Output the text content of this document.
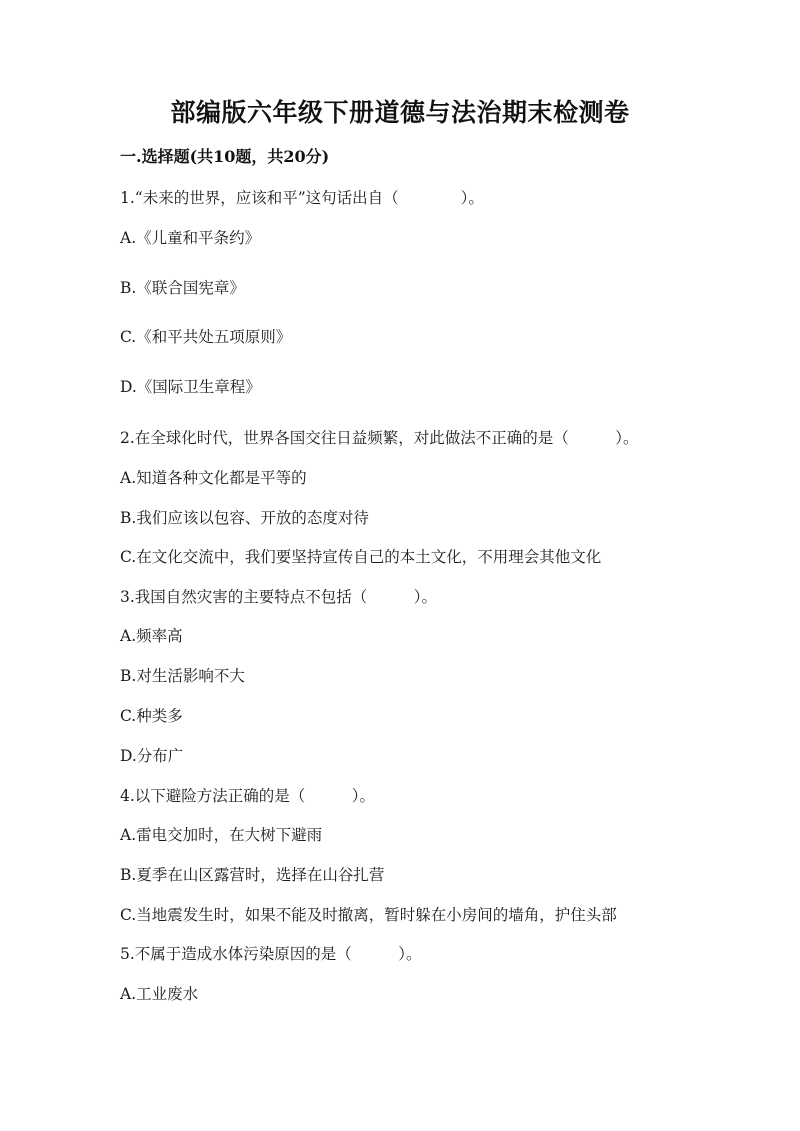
部编版六年级下册道德与法治期末检测卷
一.选择题(共10题，共20分)
1.“未来的世界，应该和平”这句话出自（　　　　）。
A.《儿童和平条约》
B.《联合国宪章》
C.《和平共处五项原则》
D.《国际卫生章程》
2.在全球化时代，世界各国交往日益频繁，对此做法不正确的是（　　　）。
A.知道各种文化都是平等的
B.我们应该以包容、开放的态度对待
C.在文化交流中，我们要坚持宣传自己的本土文化，不用理会其他文化
3.我国自然灾害的主要特点不包括（　　　）。
A.频率高
B.对生活影响不大
C.种类多
D.分布广
4.以下避险方法正确的是（　　　）。
A.雷电交加时，在大树下避雨
B.夏季在山区露营时，选择在山谷扎营
C.当地震发生时，如果不能及时撤离，暂时躲在小房间的墙角，护住头部
5.不属于造成水体污染原因的是（　　　）。
A.工业废水
